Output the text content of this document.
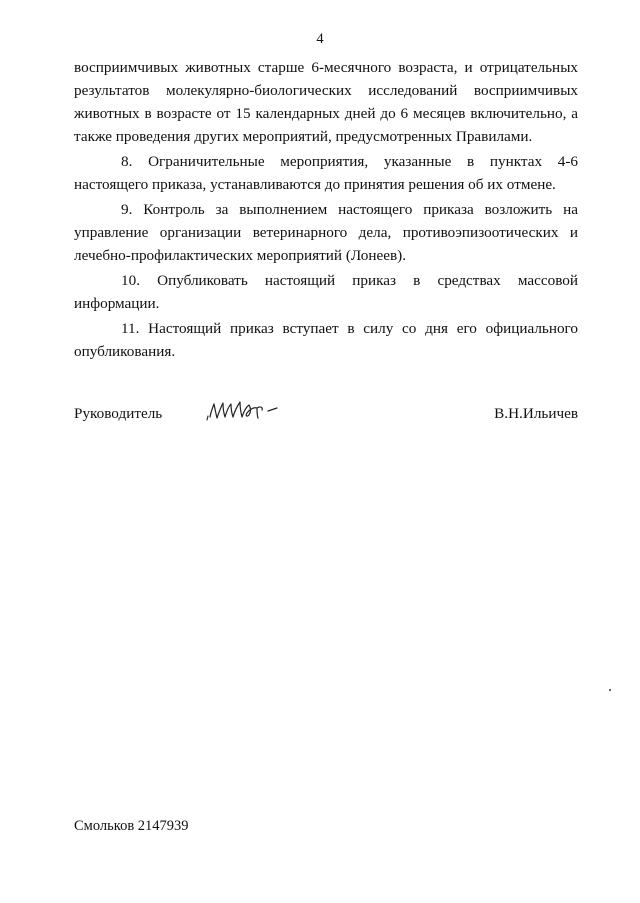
4

восприимчивых животных старше 6-месячного возраста, и отрицательных результатов молекулярно-биологических исследований восприимчивых животных в возрасте от 15 календарных дней до 6 месяцев включительно, а также проведения других мероприятий, предусмотренных Правилами.

8. Ограничительные мероприятия, указанные в пунктах 4-6 настоящего приказа, устанавливаются до принятия решения об их отмене.

9. Контроль за выполнением настоящего приказа возложить на управление организации ветеринарного дела, противоэпизоотических и лечебно-профилактических мероприятий (Лонеев).

10. Опубликовать настоящий приказ в средствах массовой информации.

11. Настоящий приказ вступает в силу со дня его официального опубликования.

Руководитель	В.Н.Ильичев
Смольков 2147939
